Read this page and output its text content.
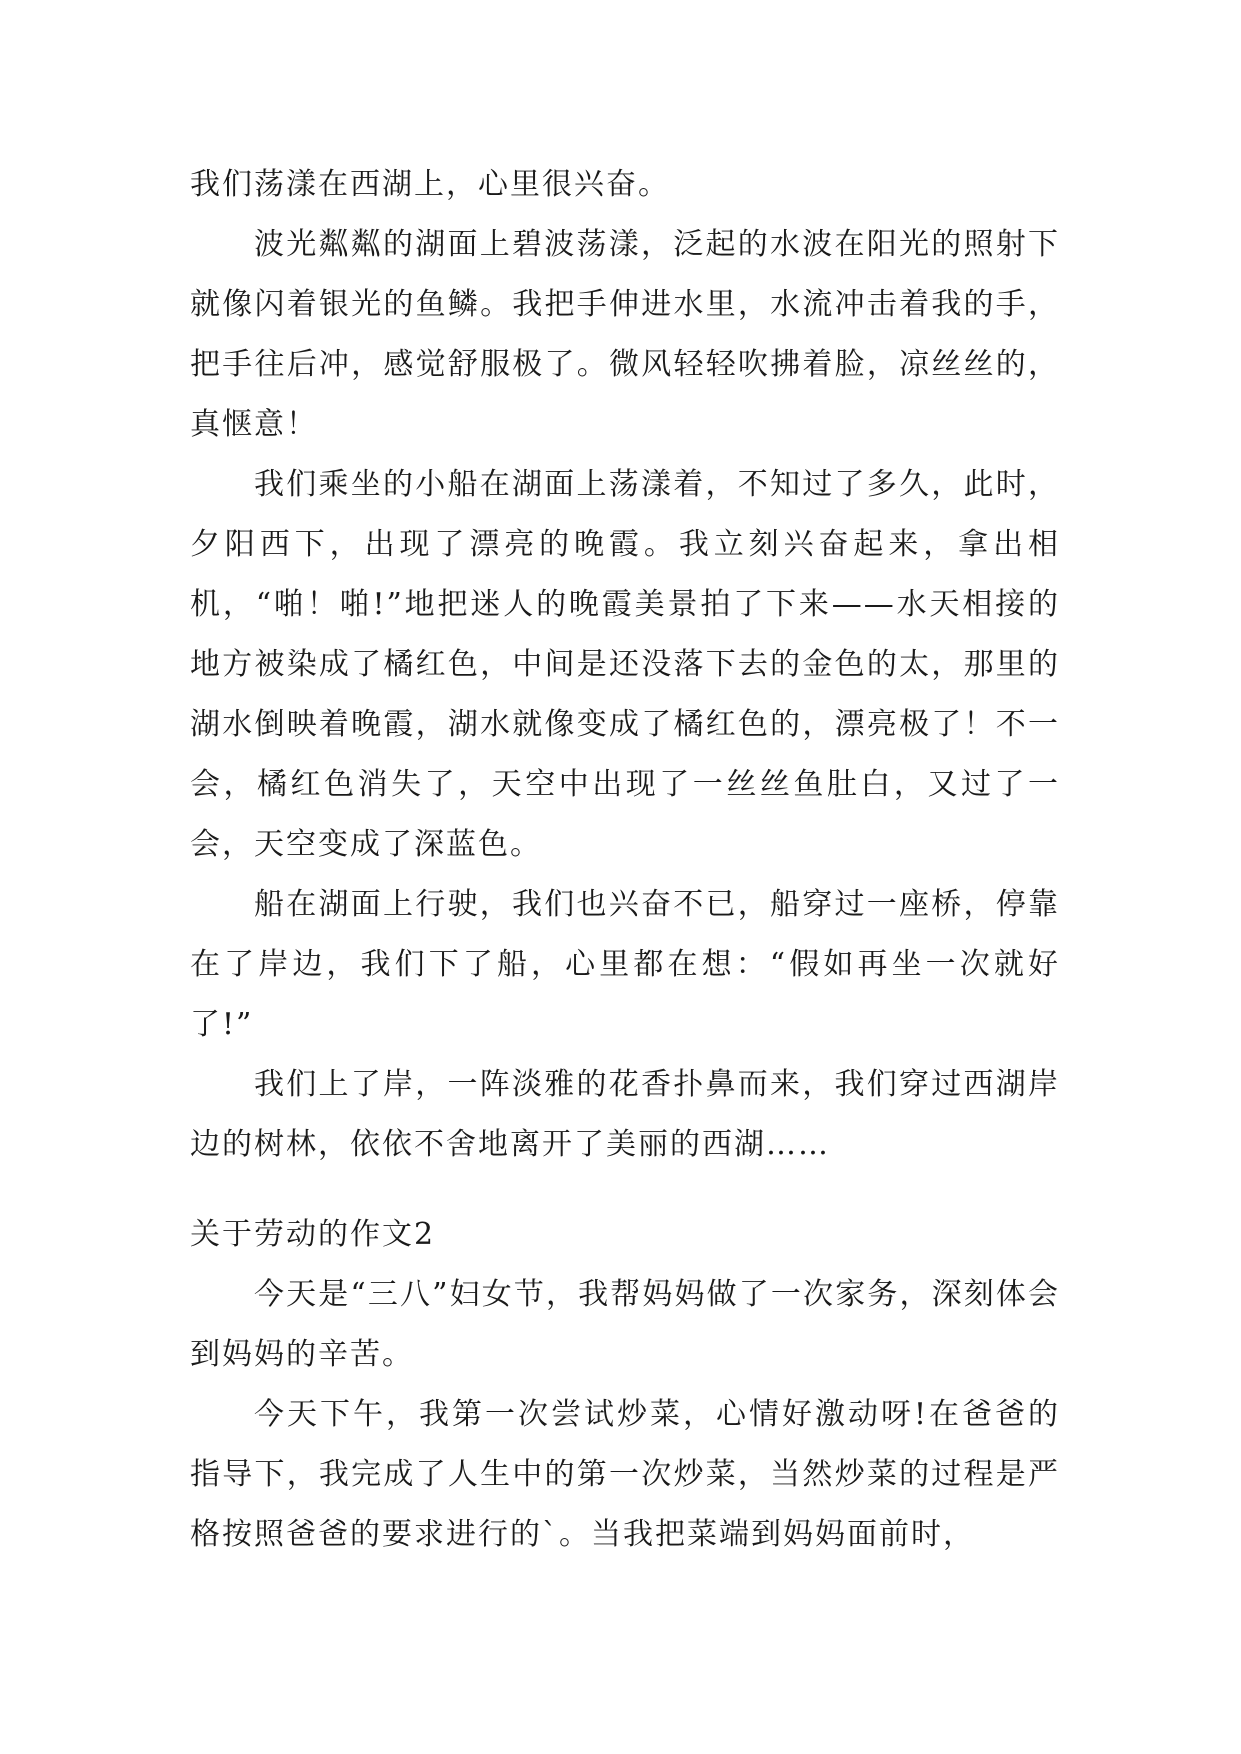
我们荡漾在西湖上，心里很兴奋。

波光粼粼的湖面上碧波荡漾，泛起的水波在阳光的照射下就像闪着银光的鱼鳞。我把手伸进水里，水流冲击着我的手，把手往后冲，感觉舒服极了。微风轻轻吹拂着脸，凉丝丝的，真惬意！

我们乘坐的小船在湖面上荡漾着，不知过了多久，此时，夕阳西下，出现了漂亮的晚霞。我立刻兴奋起来，拿出相机，“啪！啪!”地把迷人的晚霞美景拍了下来——水天相接的地方被染成了橘红色，中间是还没落下去的金色的太，那里的湖水倒映着晚霞，湖水就像变成了橘红色的，漂亮极了！不一会，橘红色消失了，天空中出现了一丝丝鱼肚白，又过了一会，天空变成了深蓝色。

船在湖面上行驶，我们也兴奋不已，船穿过一座桥，停靠在了岸边，我们下了船，心里都在想：“假如再坐一次就好了!”

我们上了岸，一阵淡雅的花香扑鼻而来，我们穿过西湖岸边的树林，依依不舍地离开了美丽的西湖……

关于劳动的作文2

今天是“三八”妇女节，我帮妈妈做了一次家务，深刻体会到妈妈的辛苦。

今天下午，我第一次尝试炒菜，心情好激动呀!在爸爸的指导下，我完成了人生中的第一次炒菜，当然炒菜的过程是严格按照爸爸的要求进行的`。当我把菜端到妈妈面前时，
